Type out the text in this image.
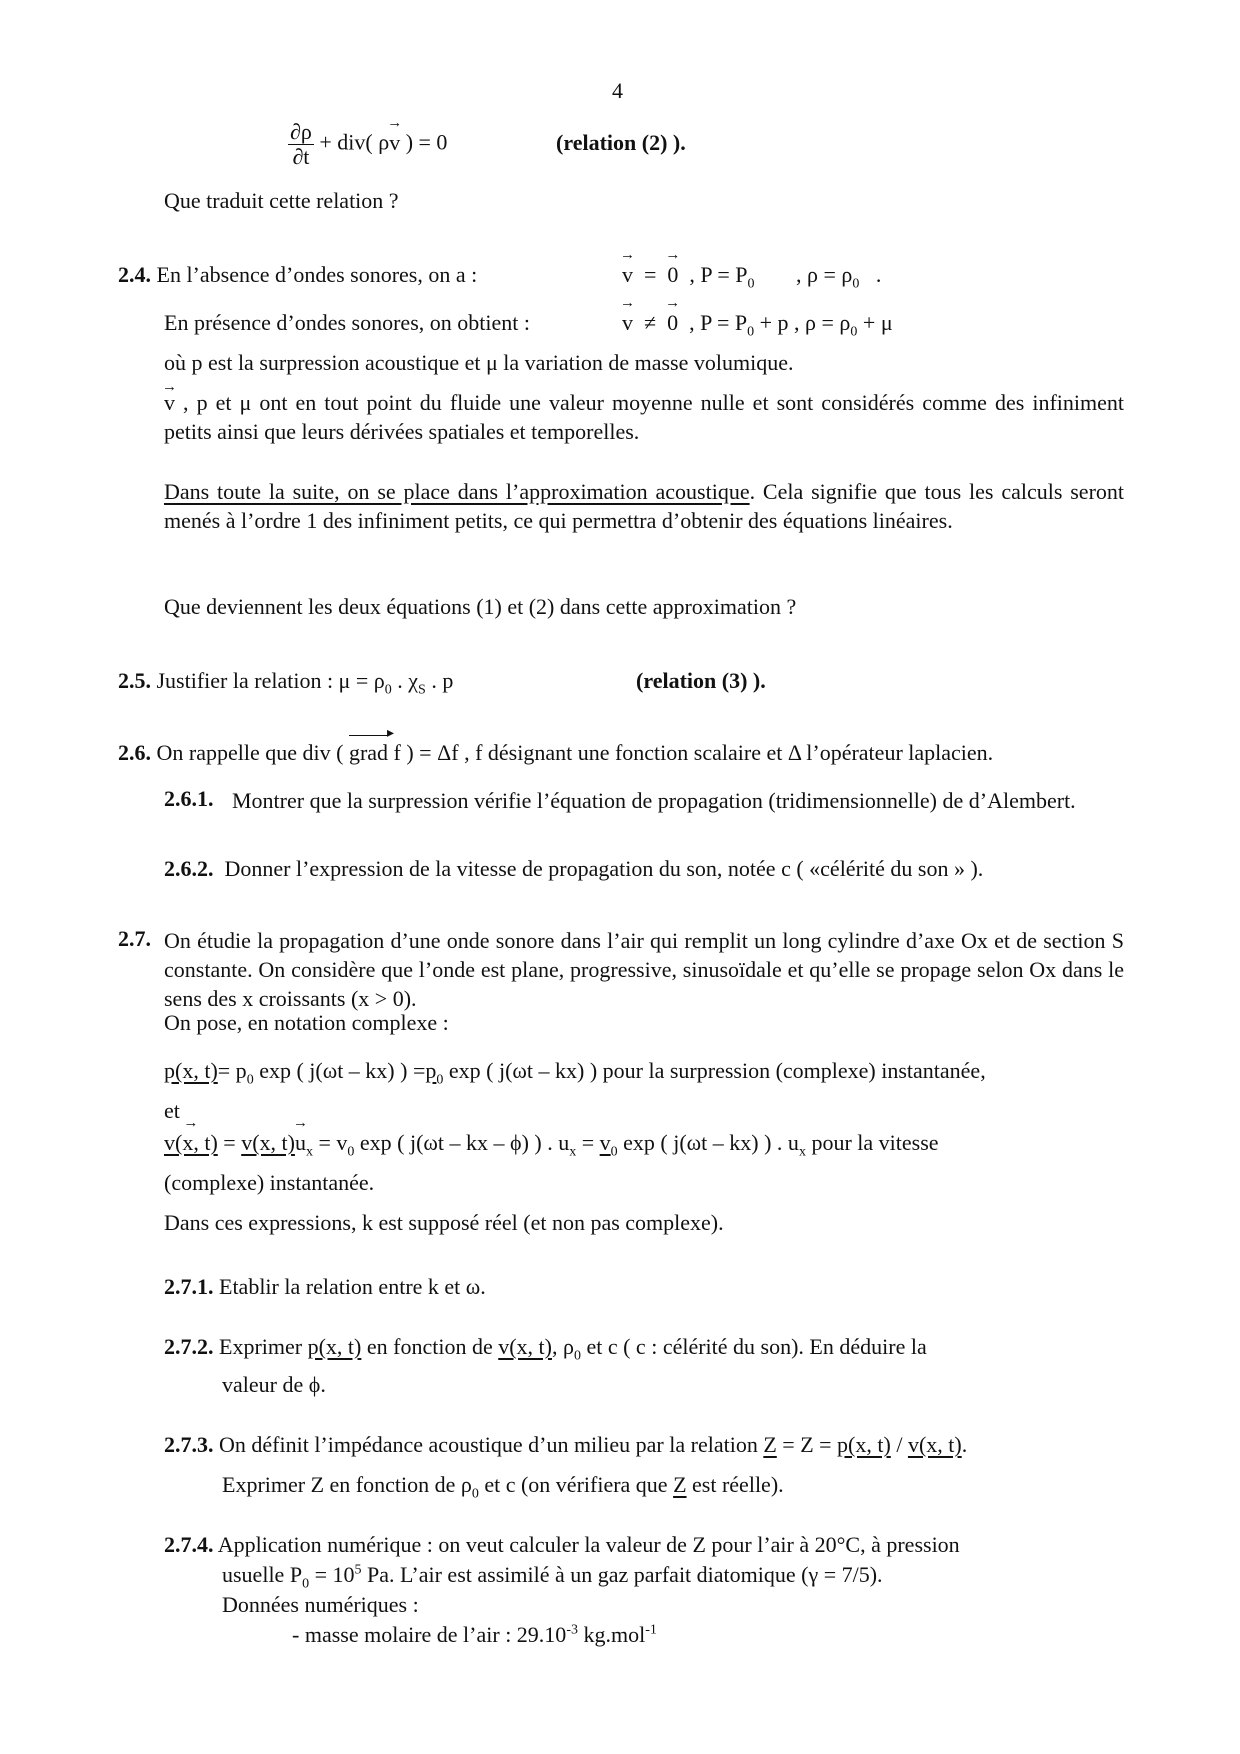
4
$\frac{\partial\rho}{\partial t} + div$( ρ→ v ) = 0	(relation (2) ).
Que traduit cette relation ?
2.4. En l’absence d’ondes sonores, on a :	→ v = → 0 , $P = P_0$ , $\rho = \rho_0$ .
En présence d’ondes sonores, on obtient :	→ v ≠ → 0 , $P = P_0 + p$ , $\rho = \rho_0 + \mu$
où p est la surpression acoustique et μ la variation de masse volumique.
→ v , p et μ ont en tout point du fluide une valeur moyenne nulle et sont considérés comme des infiniment petits ainsi que leurs dérivées spatiales et temporelles.
Dans toute la suite, on se place dans l’approximation acoustique. Cela signifie que tous les calculs seront menés à l’ordre 1 des infiniment petits, ce qui permettra d’obtenir des équations linéaires.
Que deviennent les deux équations (1) et (2) dans cette approximation ?
2.5. Justifier la relation : $\mu = \rho_0$ . $\chi_S$ . p	(relation (3) ).
2.6. On rappelle que div ( grad ▸ f ) = Δf , f désignant une fonction scalaire et Δ l’opérateur laplacien.
2.6.1. Montrer que la surpression vérifie l’équation de propagation (tridimensionnelle) de d’Alembert.
2.6.2. Donner l’expression de la vitesse de propagation du son, notée c ( «célérité du son » ).
2.7. On étudie la propagation d’une onde sonore dans l’air qui remplit un long cylindre d’axe Ox et de section S constante. On considère que l’onde est plane, progressive, sinusoïdale et qu’elle se propage selon Ox dans le sens des x croissants (x > 0).
On pose, en notation complexe :
p(x, $t)= p_0$ exp ( j(ωt – kx) ) $=p_0$ exp ( j(ωt – kx) ) pour la surpression (complexe) instantanée,
et
→ v(x, t) = v(x, $t)\to u_x = v_0$ exp ( j(ωt – kx – ϕ) ) . $u_x = v_0$ exp ( j(ωt – kx) ) . $u_x$ pour la vitesse
(complexe) instantanée.
Dans ces expressions, k est supposé réel (et non pas complexe).
2.7.1. Etablir la relation entre k et ω.
2.7.2. Exprimer p(x, t) en fonction de v(x, t), $\rho_0$ et c ( c : célérité du son). En déduire la
valeur de ϕ.
2.7.3. On définit l’impédance acoustique d’un milieu par la relation Z = Z = p(x, t) / v(x, t).
Exprimer Z en fonction de $\rho_0$ et c (on vérifiera que Z est réelle).
2.7.4. Application numérique : on veut calculer la valeur de Z pour l’air à 20°C, à pression
usuelle $P_0 = 10^5$ Pa. L’air est assimilé à un gaz parfait diatomique (γ = 7/5).
Données numériques :
- masse molaire de l’air : $29.10^{-3}$ kg.mol$^{-1}$
